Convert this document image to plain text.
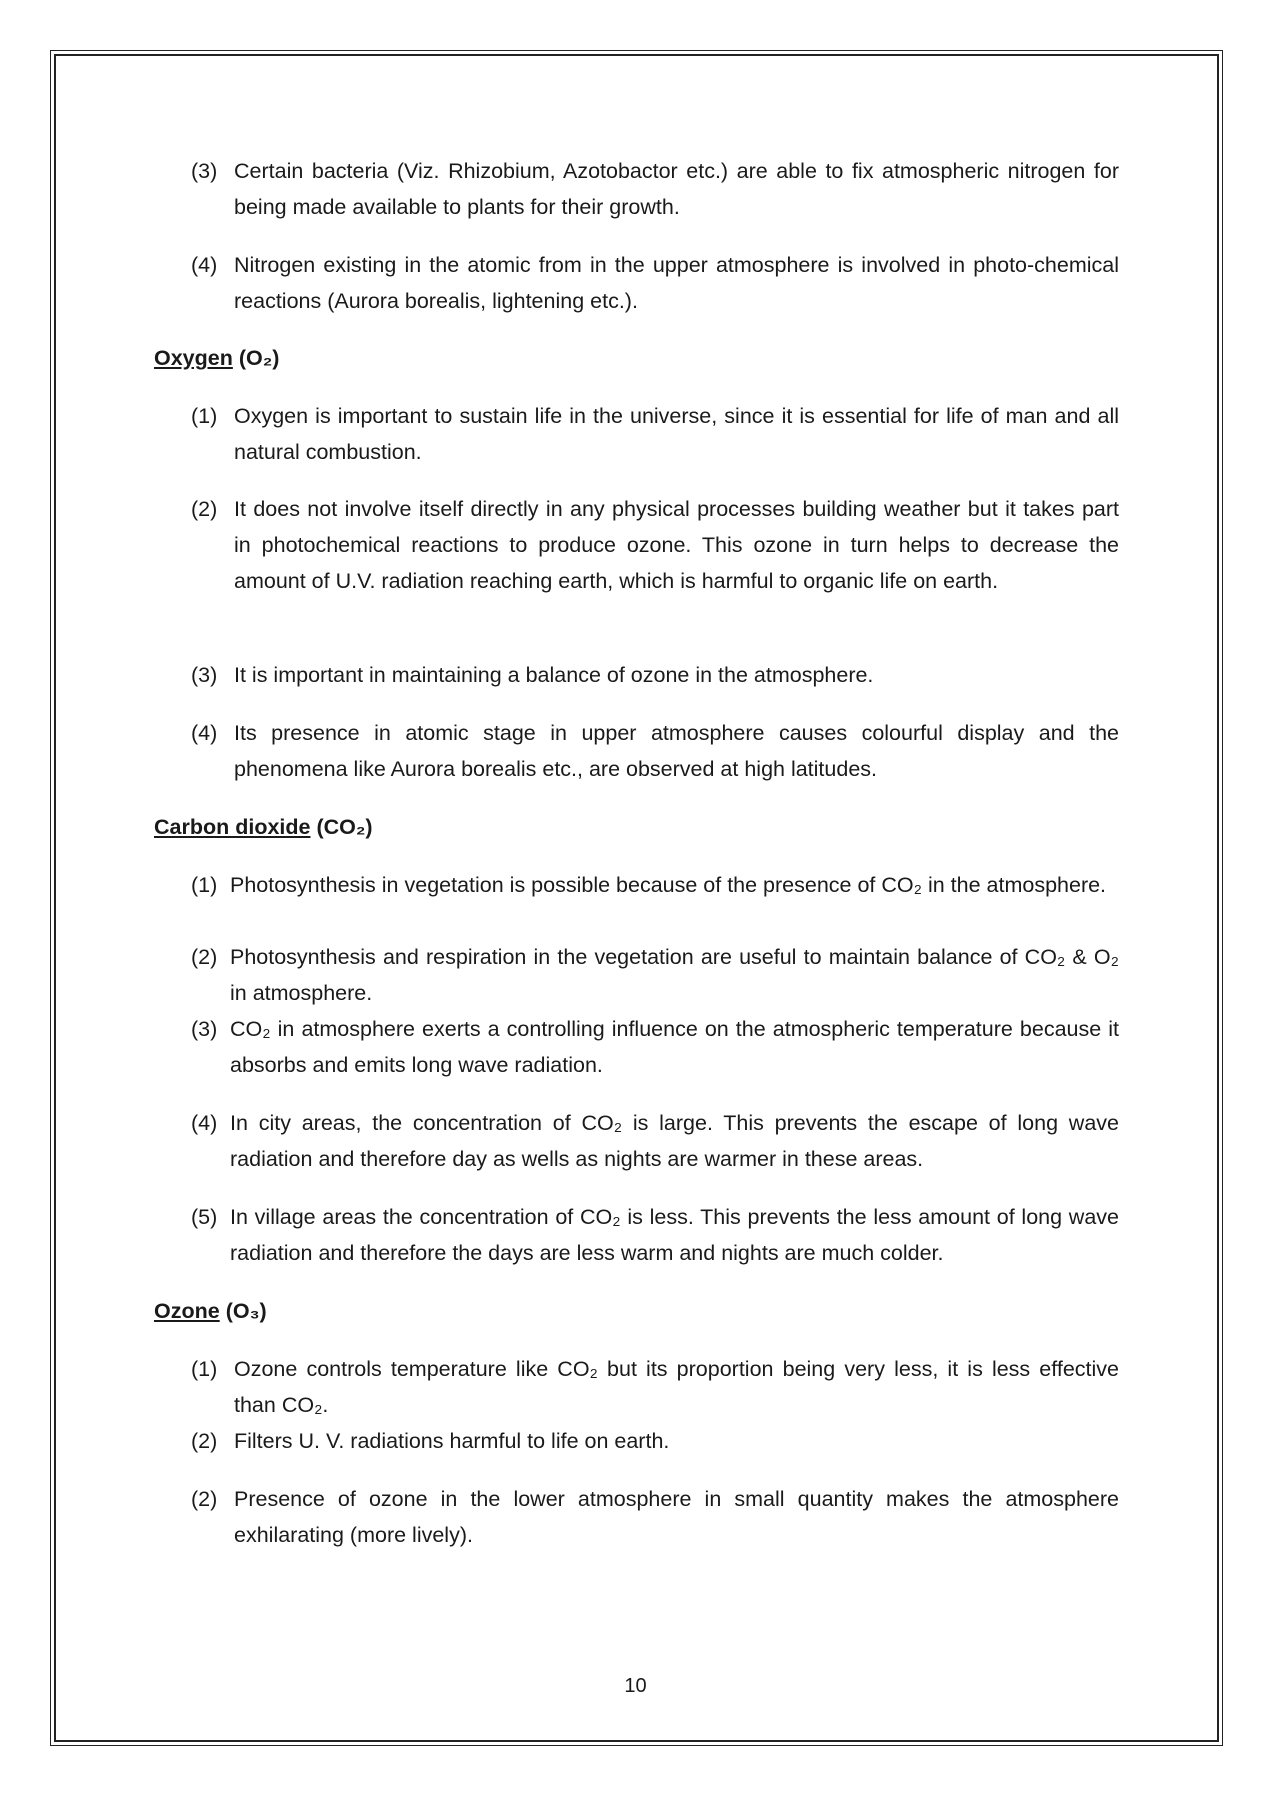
(3) Certain bacteria (Viz. Rhizobium, Azotobactor etc.) are able to fix atmospheric nitrogen for being made available to plants for their growth.
(4) Nitrogen existing in the atomic from in the upper atmosphere is involved in photo-chemical reactions (Aurora borealis, lightening etc.).
Oxygen (O₂)
(1) Oxygen is important to sustain life in the universe, since it is essential for life of man and all natural combustion.
(2) It does not involve itself directly in any physical processes building weather but it takes part in photochemical reactions to produce ozone. This ozone in turn helps to decrease the amount of U.V. radiation reaching earth, which is harmful to organic life on earth.
(3) It is important in maintaining a balance of ozone in the atmosphere.
(4) Its presence in atomic stage in upper atmosphere causes colourful display and the phenomena like Aurora borealis etc., are observed at high latitudes.
Carbon dioxide (CO₂)
(1) Photosynthesis in vegetation is possible because of the presence of CO₂ in the atmosphere.
(2) Photosynthesis and respiration in the vegetation are useful to maintain balance of CO₂ & O₂ in atmosphere.
(3) CO₂ in atmosphere exerts a controlling influence on the atmospheric temperature because it absorbs and emits long wave radiation.
(4) In city areas, the concentration of CO₂ is large. This prevents the escape of long wave radiation and therefore day as wells as nights are warmer in these areas.
(5) In village areas the concentration of CO₂ is less. This prevents the less amount of long wave radiation and therefore the days are less warm and nights are much colder.
Ozone (O₃)
(1) Ozone controls temperature like CO₂ but its proportion being very less, it is less effective than CO₂.
(2) Filters U. V. radiations harmful to life on earth.
(2) Presence of ozone in the lower atmosphere in small quantity makes the atmosphere exhilarating (more lively).
10
